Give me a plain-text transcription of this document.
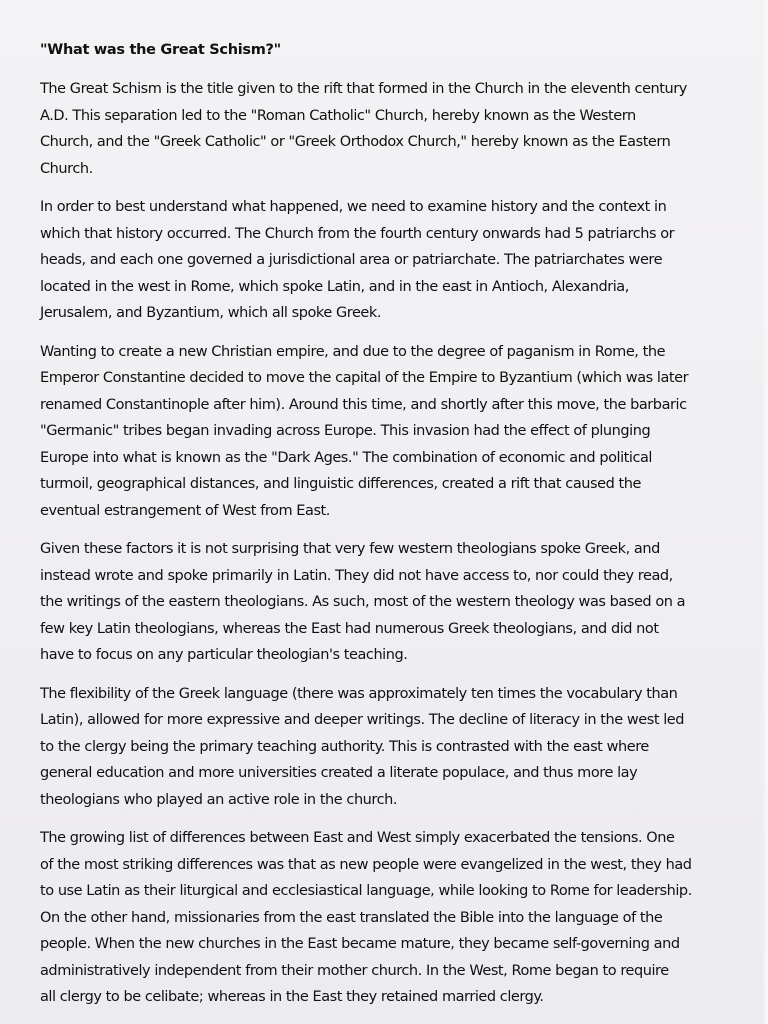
"What was the Great Schism?"
The Great Schism is the title given to the rift that formed in the Church in the eleventh century
A.D. This separation led to the "Roman Catholic" Church, hereby known as the Western
Church, and the "Greek Catholic" or "Greek Orthodox Church," hereby known as the Eastern
Church.
In order to best understand what happened, we need to examine history and the context in
which that history occurred. The Church from the fourth century onwards had 5 patriarchs or
heads, and each one governed a jurisdictional area or patriarchate. The patriarchates were
located in the west in Rome, which spoke Latin, and in the east in Antioch, Alexandria,
Jerusalem, and Byzantium, which all spoke Greek.
Wanting to create a new Christian empire, and due to the degree of paganism in Rome, the
Emperor Constantine decided to move the capital of the Empire to Byzantium (which was later
renamed Constantinople after him). Around this time, and shortly after this move, the barbaric
"Germanic" tribes began invading across Europe. This invasion had the effect of plunging
Europe into what is known as the "Dark Ages." The combination of economic and political
turmoil, geographical distances, and linguistic differences, created a rift that caused the
eventual estrangement of West from East.
Given these factors it is not surprising that very few western theologians spoke Greek, and
instead wrote and spoke primarily in Latin. They did not have access to, nor could they read,
the writings of the eastern theologians. As such, most of the western theology was based on a
few key Latin theologians, whereas the East had numerous Greek theologians, and did not
have to focus on any particular theologian's teaching.
The flexibility of the Greek language (there was approximately ten times the vocabulary than
Latin), allowed for more expressive and deeper writings. The decline of literacy in the west led
to the clergy being the primary teaching authority. This is contrasted with the east where
general education and more universities created a literate populace, and thus more lay
theologians who played an active role in the church.
The growing list of differences between East and West simply exacerbated the tensions. One
of the most striking differences was that as new people were evangelized in the west, they had
to use Latin as their liturgical and ecclesiastical language, while looking to Rome for leadership.
On the other hand, missionaries from the east translated the Bible into the language of the
people. When the new churches in the East became mature, they became self-governing and
administratively independent from their mother church. In the West, Rome began to require
all clergy to be celibate; whereas in the East they retained married clergy.
